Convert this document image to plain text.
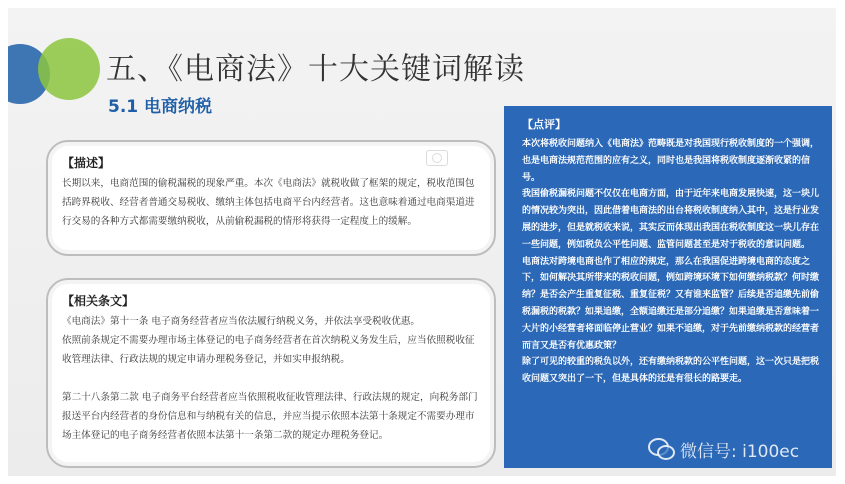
五、《电商法》十大关键词解读
5.1 电商纳税
【描述】
长期以来，电商范围的偷税漏税的现象严重。本次《电商法》就税收做了框架的规定，税收范围包括跨界税收、经营者普通交易税收、缴纳主体包括电商平台内经营者。这也意味着通过电商渠道进行交易的各种方式都需要缴纳税收，从前偷税漏税的情形将获得一定程度上的缓解。
【相关条文】

《电商法》第十一条 电子商务经营者应当依法履行纳税义务，并依法享受税收优惠。

依照前条规定不需要办理市场主体登记的电子商务经营者在首次纳税义务发生后，应当依照税收征收管理法律、行政法规的规定申请办理税务登记，并如实申报纳税。

第二十八条第二款 电子商务平台经营者应当依照税收征收管理法律、行政法规的规定，向税务部门报送平台内经营者的身份信息和与纳税有关的信息，并应当提示依照本法第十条规定不需要办理市场主体登记的电子商务经营者依照本法第十一条第二款的规定办理税务登记。

【点评】

本次将税收问题纳入《电商法》范畴既是对我国现行税收制度的一个强调，也是电商法规范范围的应有之义，同时也是我国将税收制度逐渐收紧的信号。

我国偷税漏税问题不仅仅在电商方面，由于近年来电商发展快速，这一块儿的情况较为突出，因此借着电商法的出台将税收制度纳入其中，这是行业发展的进步，但是就税收来说，其实反而体现出我国在税收制度这一块儿存在一些问题，例如税负公平性问题、监管问题甚至是对于税收的意识问题。

电商法对跨境电商也作了相应的规定，那么在我国促进跨境电商的态度之下，如何解决其所带来的税收问题，例如跨境环境下如何缴纳税款？何时缴纳？是否会产生重复征税、重复征税？又有谁来监管？后续是否追缴先前偷税漏税的税款？如果追缴，全额追缴还是部分追缴？如果追缴是否意味着一大片的小经营者将面临停止营业？如果不追缴，对于先前缴纳税款的经营者而言又是否有优惠政策？

除了可见的较重的税负以外，还有缴纳税款的公平性问题，这一次只是把税收问题又突出了一下，但是具体的还是有很长的路要走。

微信号: i100ec
